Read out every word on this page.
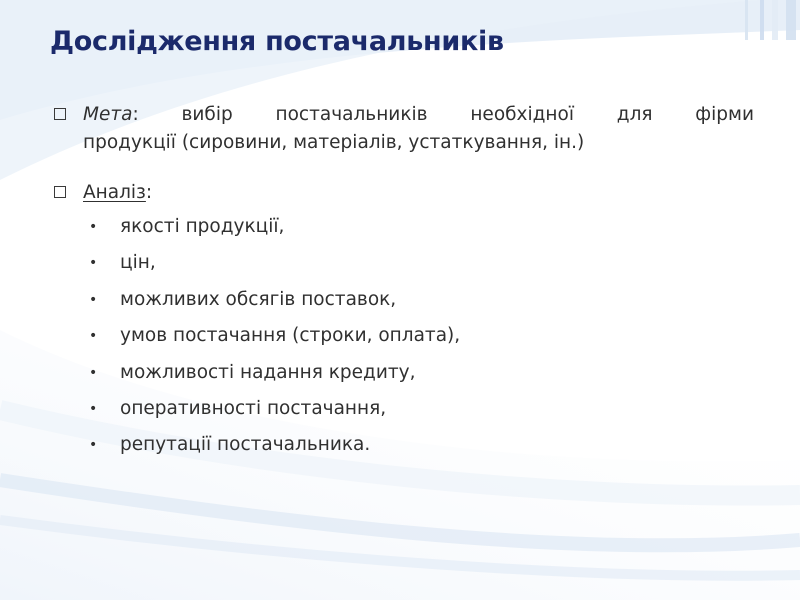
Дослідження постачальників
Мета: вибір постачальників необхідної для фірми
продукції (сировини, матеріалів, устаткування, ін.)
Аналіз:
• якості продукції,
• цін,
• можливих обсягів поставок,
• умов постачання (строки, оплата),
• можливості надання кредиту,
• оперативності постачання,
• репутації постачальника.
